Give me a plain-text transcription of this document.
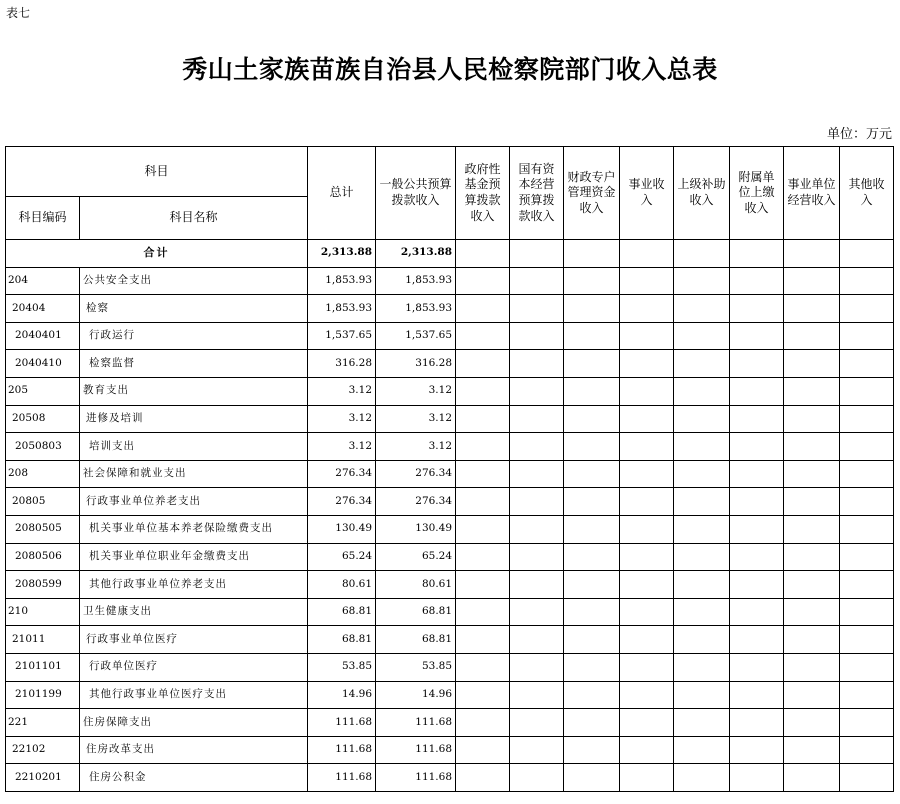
表七
秀山土家族苗族自治县人民检察院部门收入总表
单位：万元
科目		总计	一般公共预算拨款收入	政府性基金预算拨款收入	国有资本经营预算拨款收入	财政专户管理资金收入	事业收入	上级补助收入	附属单位上缴收入	事业单位经营收入	其他收入
科目编码	科目名称										
合计		2,313.88	2,313.88								
204	公共安全支出	1,853.93	1,853.93								
20404	检察	1,853.93	1,853.93								
2040401	行政运行	1,537.65	1,537.65								
2040410	检察监督	316.28	316.28								
205	教育支出	3.12	3.12								
20508	进修及培训	3.12	3.12								
2050803	培训支出	3.12	3.12								
208	社会保障和就业支出	276.34	276.34								
20805	行政事业单位养老支出	276.34	276.34								
2080505	机关事业单位基本养老保险缴费支出	130.49	130.49								
2080506	机关事业单位职业年金缴费支出	65.24	65.24								
2080599	其他行政事业单位养老支出	80.61	80.61								
210	卫生健康支出	68.81	68.81								
21011	行政事业单位医疗	68.81	68.81								
2101101	行政单位医疗	53.85	53.85								
2101199	其他行政事业单位医疗支出	14.96	14.96								
221	住房保障支出	111.68	111.68								
22102	住房改革支出	111.68	111.68								
2210201	住房公积金	111.68	111.68								
